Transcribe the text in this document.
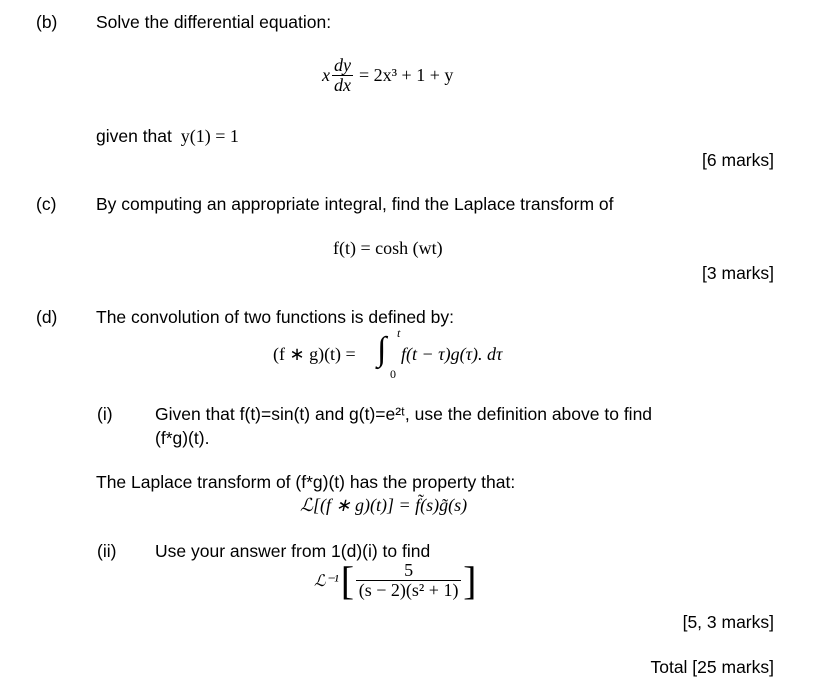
(b) Solve the differential equation:
x $\frac{dy}{dx} = 2x^3 + 1 + y$
given that y(1) = 1
[6 marks]
(c) By computing an appropriate integral, find the Laplace transform of
f(t) = cosh (wt)
[3 marks]
(d) The convolution of two functions is defined by:
(f ∗ g)(t) = ∫ t
0
f(t − τ)g(τ). dτ
(i) Given that f(t)=sin(t) and g(t)=e²ᵗ, use the definition above to find
(f*g)(t).
The Laplace transform of (f*g)(t) has the property that:
ℒ[(f ∗ g)(t)] = f̃(s)g̃(s)
(ii) Use your answer from 1(d)(i) to find
ℒ⁻¹ [ $\frac{5}{\text{(s − 2)(s² + 1)}}$ ]
[5, 3 marks]
Total [25 marks]
